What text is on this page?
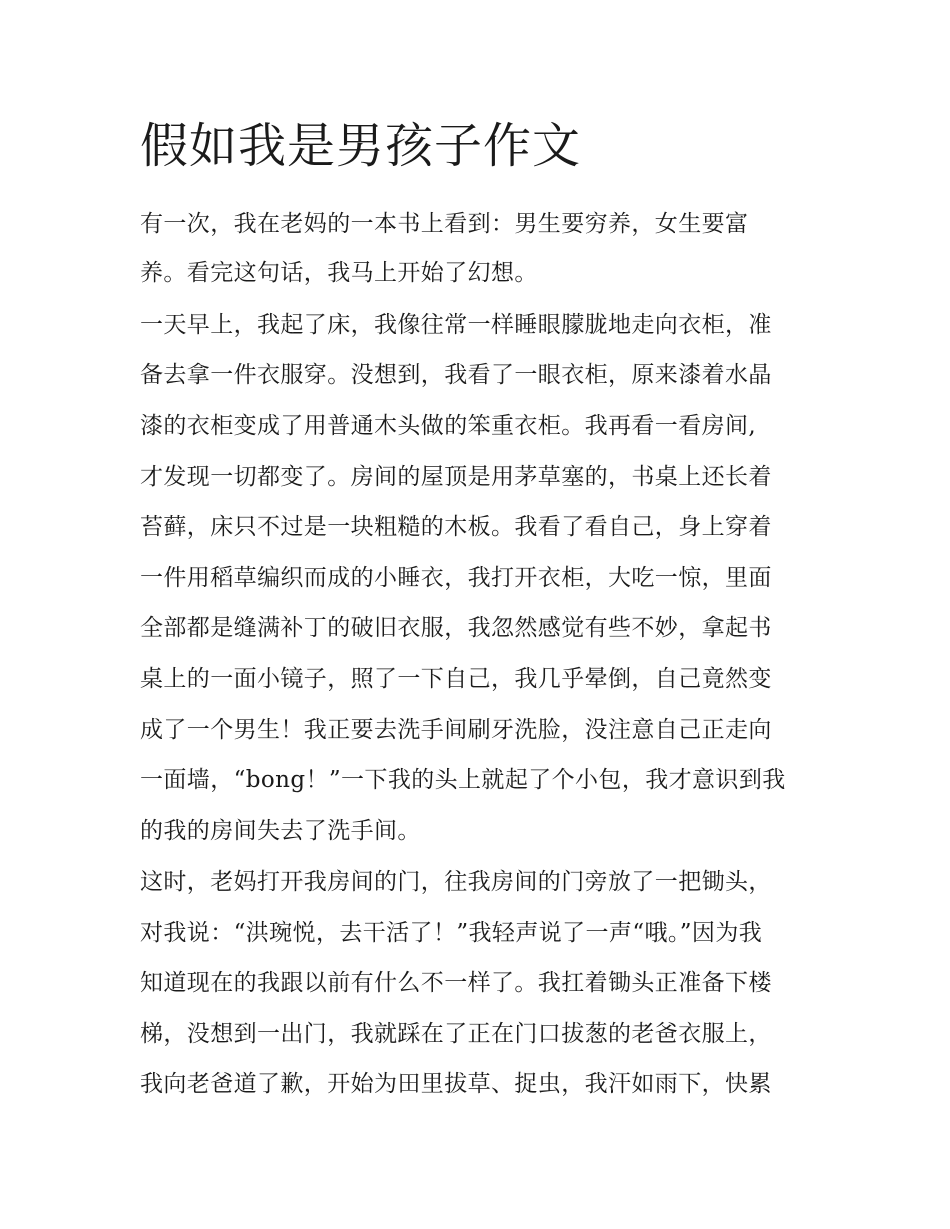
假如我是男孩子作文

有一次，我在老妈的一本书上看到：男生要穷养，女生要富

养。看完这句话，我马上开始了幻想。

一天早上，我起了床，我像往常一样睡眼朦胧地走向衣柜，准

备去拿一件衣服穿。没想到，我看了一眼衣柜，原来漆着水晶

漆的衣柜变成了用普通木头做的笨重衣柜。我再看一看房间,

才发现一切都变了。房间的屋顶是用茅草塞的，书桌上还长着

苔藓，床只不过是一块粗糙的木板。我看了看自己，身上穿着

一件用稻草编织而成的小睡衣，我打开衣柜，大吃一惊，里面

全部都是缝满补丁的破旧衣服，我忽然感觉有些不妙，拿起书

桌上的一面小镜子，照了一下自己，我几乎晕倒，自己竟然变

成了一个男生！我正要去洗手间刷牙洗脸，没注意自己正走向

一面墙，“bong！”一下我的头上就起了个小包，我才意识到我

的我的房间失去了洗手间。

这时，老妈打开我房间的门，往我房间的门旁放了一把锄头，

对我说：“洪琬悦，去干活了！”我轻声说了一声“哦。”因为我

知道现在的我跟以前有什么不一样了。我扛着锄头正准备下楼

梯，没想到一出门，我就踩在了正在门口拔葱的老爸衣服上，

我向老爸道了歉，开始为田里拔草、捉虫，我汗如雨下，快累
